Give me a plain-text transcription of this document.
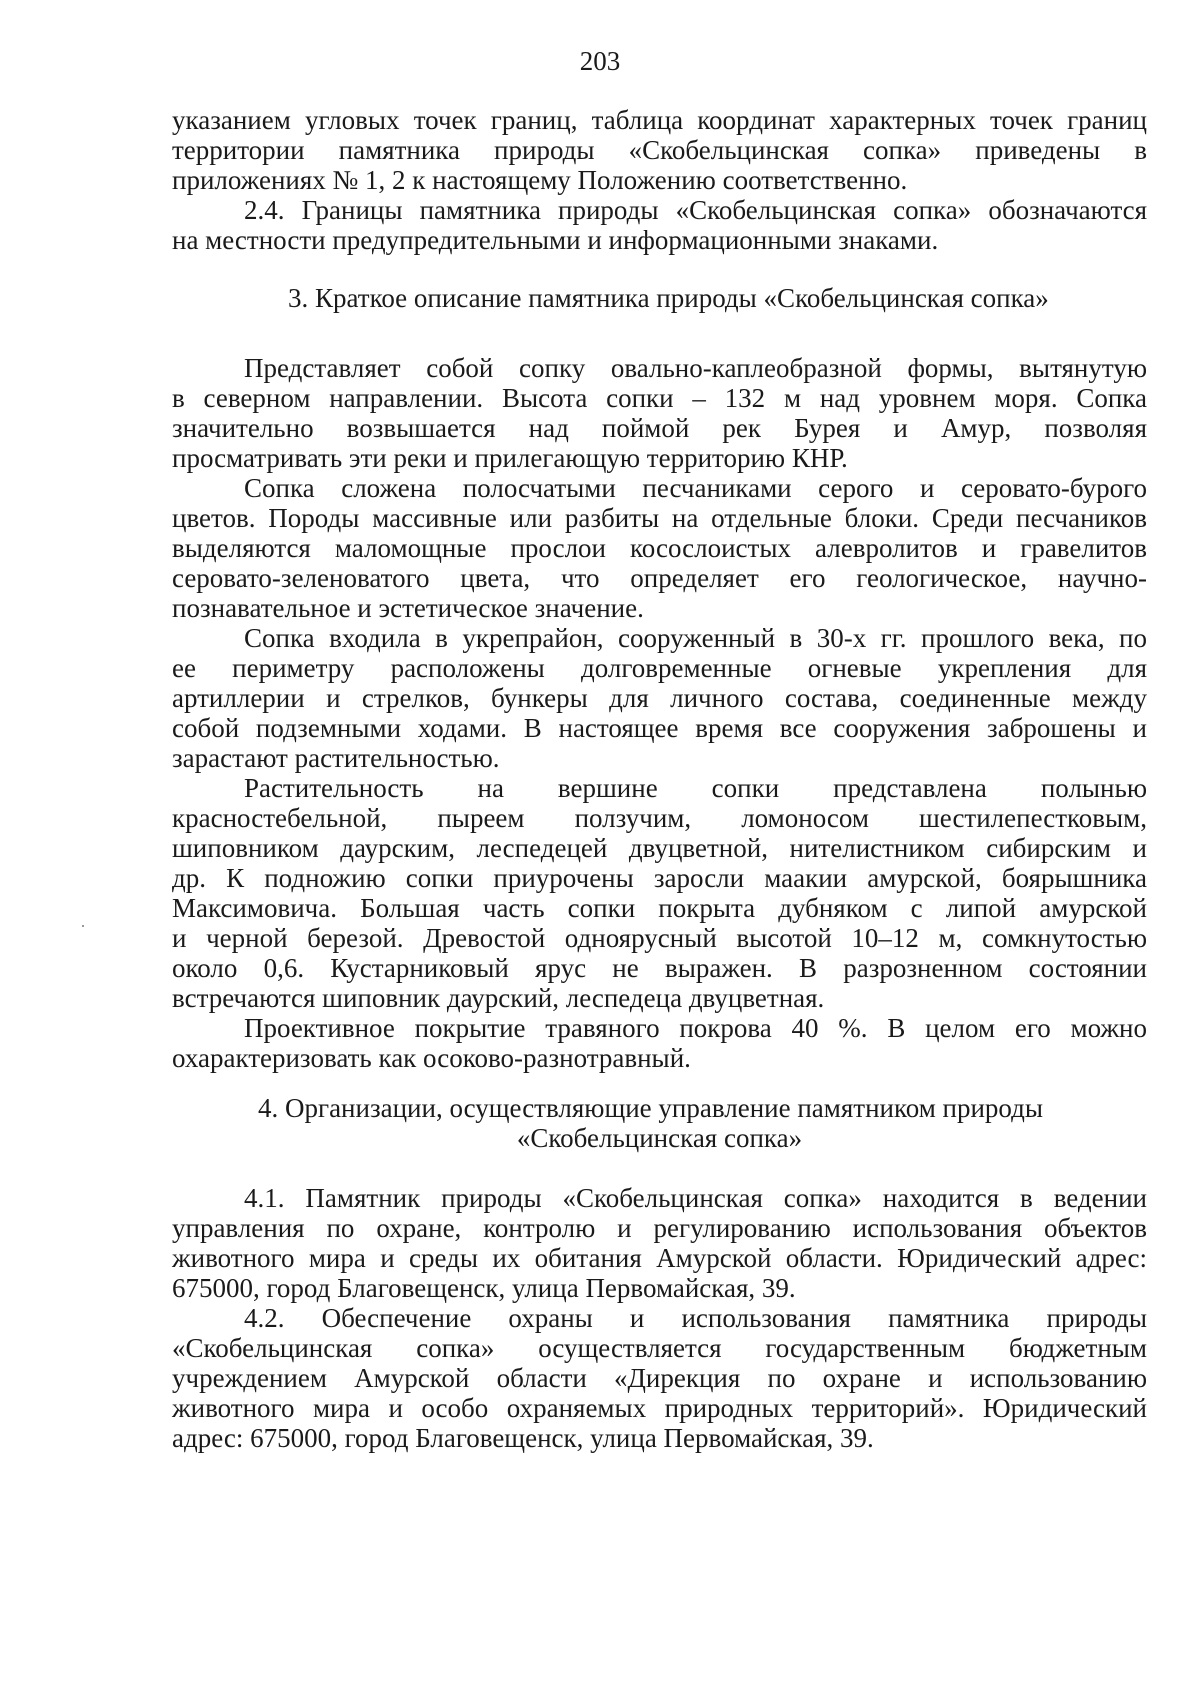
203
указанием угловых точек границ, таблица координат характерных точек границ
территории памятника природы «Скобельцинская сопка» приведены в
приложениях № 1, 2 к настоящему Положению соответственно.
2.4. Границы памятника природы «Скобельцинская сопка» обозначаются
на местности предупредительными и информационными знаками.
3. Краткое описание памятника природы «Скобельцинская сопка»
Представляет собой сопку овально-каплеобразной формы, вытянутую
в северном направлении. Высота сопки – 132 м над уровнем моря. Сопка
значительно возвышается над поймой рек Бурея и Амур, позволяя
просматривать эти реки и прилегающую территорию КНР.
Сопка сложена полосчатыми песчаниками серого и серовато-бурого
цветов. Породы массивные или разбиты на отдельные блоки. Среди песчаников
выделяются маломощные прослои косослоистых алевролитов и гравелитов
серовато-зеленоватого цвета, что определяет его геологическое, научно-
познавательное и эстетическое значение.
Сопка входила в укрепрайон, сооруженный в 30-х гг. прошлого века, по
ее периметру расположены долговременные огневые укрепления для
артиллерии и стрелков, бункеры для личного состава, соединенные между
собой подземными ходами. В настоящее время все сооружения заброшены и
зарастают растительностью.
Растительность на вершине сопки представлена полынью
красностебельной, пыреем ползучим, ломоносом шестилепестковым,
шиповником даурским, леспедецей двуцветной, нителистником сибирским и
др. К подножию сопки приурочены заросли маакии амурской, боярышника
Максимовича. Большая часть сопки покрыта дубняком с липой амурской
и черной березой. Древостой одноярусный высотой 10–12 м, сомкнутостью
около 0,6. Кустарниковый ярус не выражен. В разрозненном состоянии
встречаются шиповник даурский, леспедеца двуцветная.
Проективное покрытие травяного покрова 40 %. В целом его можно
охарактеризовать как осоково-разнотравный.
4. Организации, осуществляющие управление памятником природы
«Скобельцинская сопка»
4.1. Памятник природы «Скобельцинская сопка» находится в ведении
управления по охране, контролю и регулированию использования объектов
животного мира и среды их обитания Амурской области. Юридический адрес:
675000, город Благовещенск, улица Первомайская, 39.
4.2. Обеспечение охраны и использования памятника природы
«Скобельцинская сопка» осуществляется государственным бюджетным
учреждением Амурской области «Дирекция по охране и использованию
животного мира и особо охраняемых природных территорий». Юридический
адрес: 675000, город Благовещенск, улица Первомайская, 39.
